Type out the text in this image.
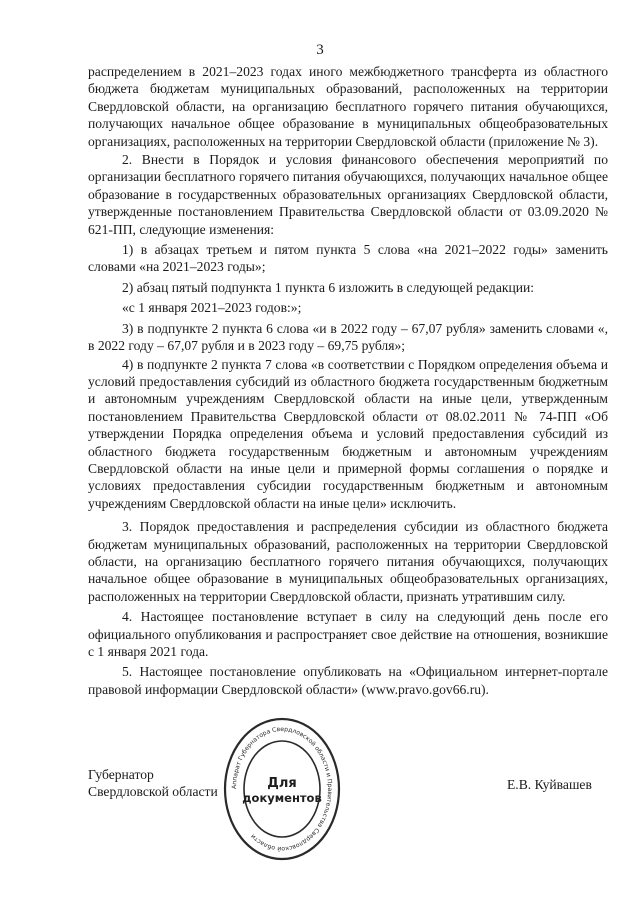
3

распределением в 2021–2023 годах иного межбюджетного трансферта из областного бюджета бюджетам муниципальных образований, расположенных на территории Свердловской области, на организацию бесплатного горячего питания обучающихся, получающих начальное общее образование в муниципальных общеобразовательных организациях, расположенных на территории Свердловской области (приложение № 3).

2. Внести в Порядок и условия финансового обеспечения мероприятий по организации бесплатного горячего питания обучающихся, получающих начальное общее образование в государственных образовательных организациях Свердловской области, утвержденные постановлением Правительства Свердловской области от 03.09.2020 № 621-ПП, следующие изменения:

1) в абзацах третьем и пятом пункта 5 слова «на 2021–2022 годы» заменить словами «на 2021–2023 годы»;

2) абзац пятый подпункта 1 пункта 6 изложить в следующей редакции:

«с 1 января 2021–2023 годов:»;

3) в подпункте 2 пункта 6 слова «и в 2022 году – 67,07 рубля» заменить словами «, в 2022 году – 67,07 рубля и в 2023 году – 69,75 рубля»;

4) в подпункте 2 пункта 7 слова «в соответствии с Порядком определения объема и условий предоставления субсидий из областного бюджета государственным бюджетным и автономным учреждениям Свердловской области на иные цели, утвержденным постановлением Правительства Свердловской области от 08.02.2011 № 74-ПП «Об утверждении Порядка определения объема и условий предоставления субсидий из областного бюджета государственным бюджетным и автономным учреждениям Свердловской области на иные цели и примерной формы соглашения о порядке и условиях предоставления субсидии государственным бюджетным и автономным учреждениям Свердловской области на иные цели» исключить.

3. Порядок предоставления и распределения субсидии из областного бюджета бюджетам муниципальных образований, расположенных на территории Свердловской области, на организацию бесплатного горячего питания обучающихся, получающих начальное общее образование в муниципальных общеобразовательных организациях, расположенных на территории Свердловской области, признать утратившим силу.

4. Настоящее постановление вступает в силу на следующий день после его официального опубликования и распространяет свое действие на отношения, возникшие с 1 января 2021 года.

5. Настоящее постановление опубликовать на «Официальном интернет-портале правовой информации Свердловской области» (www.pravo.gov66.ru).

Губернатор
Свердловской области	Е.В. Куйвашев
Аппарат Губернатора Свердловской области и Правительства Свердловской области
Для
документов
